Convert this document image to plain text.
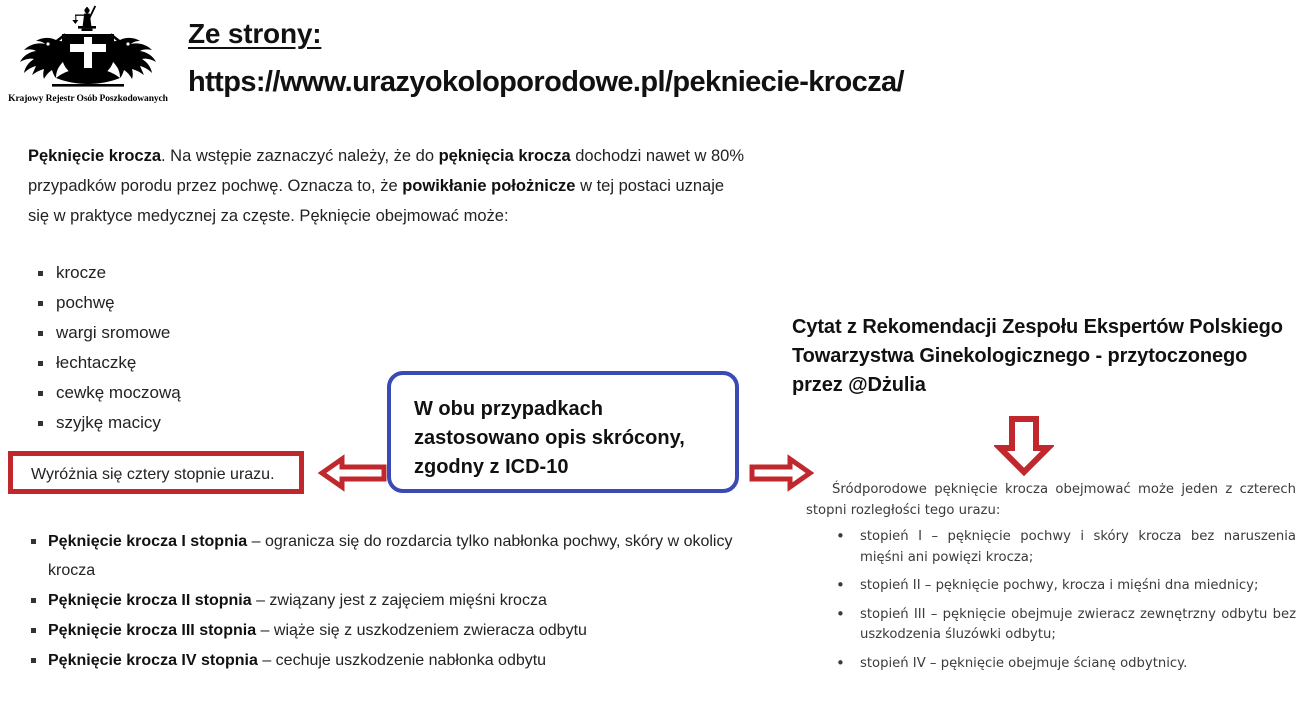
Krajowy Rejestr Osób Poszkodowanych
Ze strony:
https://www.urazyokoloporodowe.pl/pekniecie-krocza/
Pęknięcie krocza. Na wstępie zaznaczyć należy, że do pęknięcia krocza dochodzi nawet w 80% przypadków porodu przez pochwę. Oznacza to, że powikłanie położnicze w tej postaci uznaje się w praktyce medycznej za częste. Pęknięcie obejmować może:
krocze
pochwę
wargi sromowe
łechtaczkę
cewkę moczową
szyjkę macicy
Wyróżnia się cztery stopnie urazu.
W obu przypadkach zastosowano opis skrócony, zgodny z ICD-10
Pęknięcie krocza I stopnia – ogranicza się do rozdarcia tylko nabłonka pochwy, skóry w okolicy krocza
Pęknięcie krocza II stopnia – związany jest z zajęciem mięśni krocza
Pęknięcie krocza III stopnia – wiąże się z uszkodzeniem zwieracza odbytu
Pęknięcie krocza IV stopnia – cechuje uszkodzenie nabłonka odbytu
Cytat z Rekomendacji Zespołu Ekspertów Polskiego Towarzystwa Ginekologicznego - przytoczonego przez @Dżulia
Śródporodowe pęknięcie krocza obejmować może jeden z czterech stopni rozległości tego urazu:
• stopień I – pęknięcie pochwy i skóry krocza bez naruszenia mięśni ani powięzi krocza;
• stopień II – pęknięcie pochwy, krocza i mięśni dna miednicy;
• stopień III – pęknięcie obejmuje zwieracz zewnętrzny odbytu bez uszkodzenia śluzówki odbytu;
• stopień IV – pęknięcie obejmuje ścianę odbytnicy.
